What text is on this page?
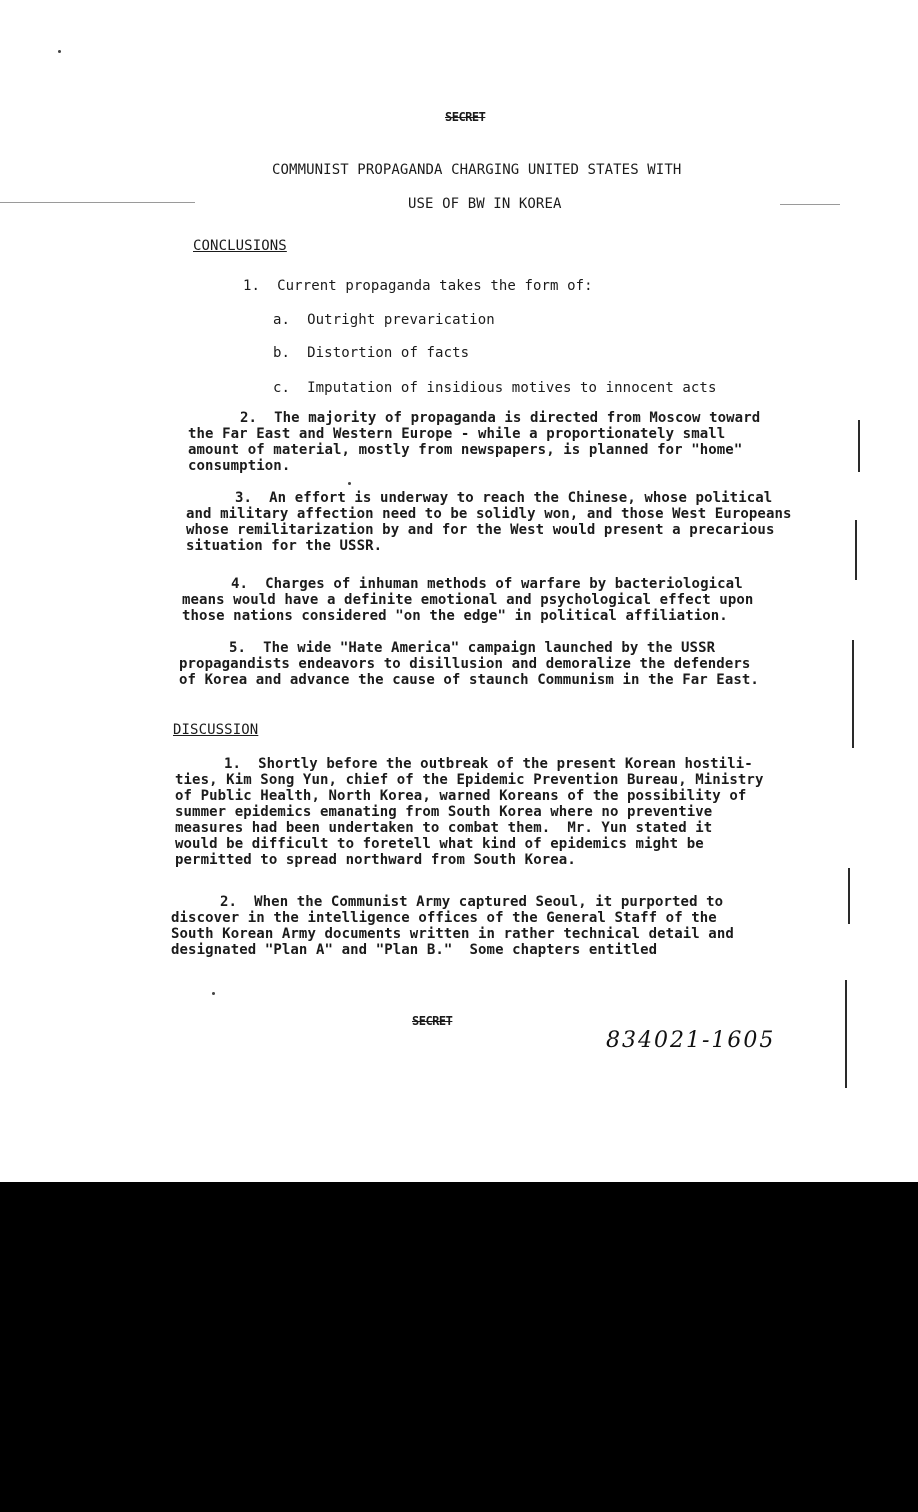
SECRET
COMMUNIST PROPAGANDA CHARGING UNITED STATES WITH
USE OF BW IN KOREA
CONCLUSIONS
1.  Current propaganda takes the form of:
a.  Outright prevarication
b.  Distortion of facts
c.  Imputation of insidious motives to innocent acts
2.  The majority of propaganda is directed from Moscow toward
the Far East and Western Europe - while a proportionately small
amount of material, mostly from newspapers, is planned for "home"
consumption.
3.  An effort is underway to reach the Chinese, whose political
and military affection need to be solidly won, and those West Europeans
whose remilitarization by and for the West would present a precarious
situation for the USSR.
4.  Charges of inhuman methods of warfare by bacteriological
means would have a definite emotional and psychological effect upon
those nations considered "on the edge" in political affiliation.
5.  The wide "Hate America" campaign launched by the USSR
propagandists endeavors to disillusion and demoralize the defenders
of Korea and advance the cause of staunch Communism in the Far East.
DISCUSSION
1.  Shortly before the outbreak of the present Korean hostili-
ties, Kim Song Yun, chief of the Epidemic Prevention Bureau, Ministry
of Public Health, North Korea, warned Koreans of the possibility of
summer epidemics emanating from South Korea where no preventive
measures had been undertaken to combat them.  Mr. Yun stated it
would be difficult to foretell what kind of epidemics might be
permitted to spread northward from South Korea.
2.  When the Communist Army captured Seoul, it purported to
discover in the intelligence offices of the General Staff of the
South Korean Army documents written in rather technical detail and
designated "Plan A" and "Plan B."  Some chapters entitled
SECRET
834021-1605
